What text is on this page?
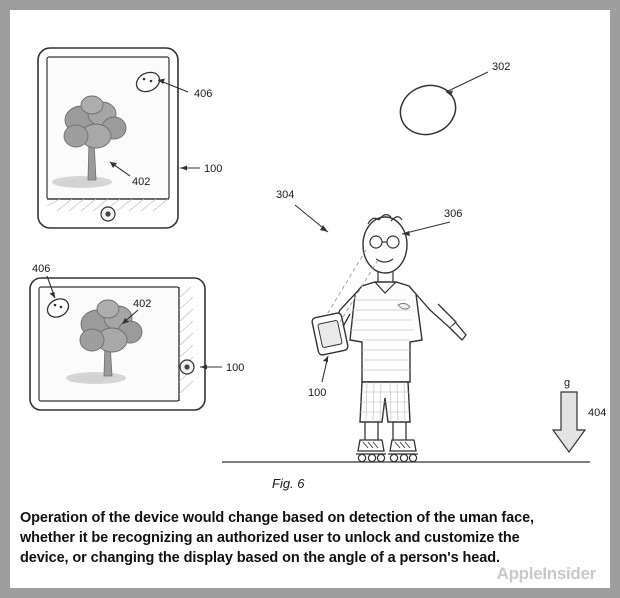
406
402
100
406
402
100
302
304
306
100
g
404
Fig. 6
Operation of the device would change based on detection of the uman face,
whether it be recognizing an authorized user to unlock and customize the
device, or changing the display based on the angle of a person's head.
AppleInsider
